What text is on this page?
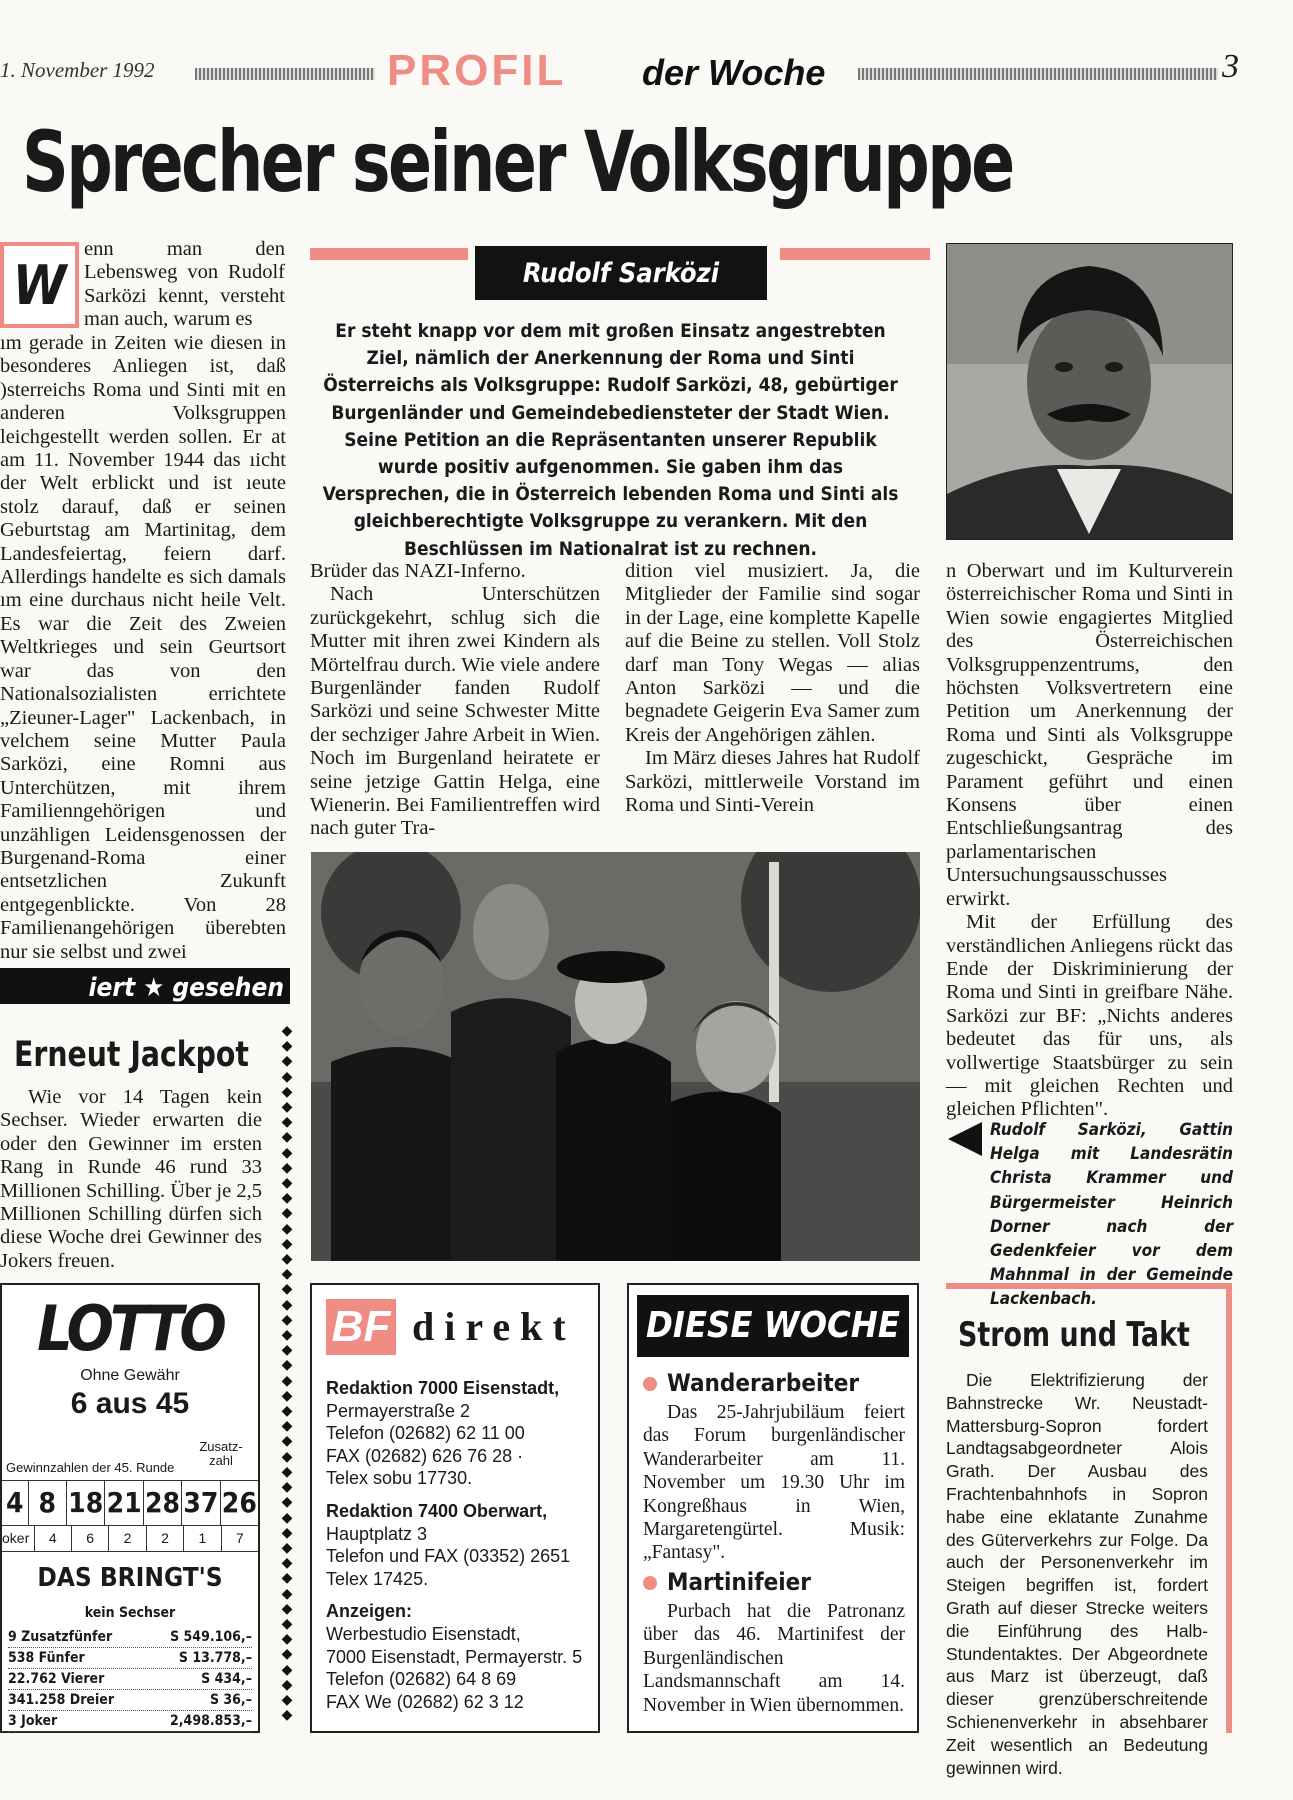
1. November 1992	PROFIL der Woche	3
Sprecher seiner Volksgruppe
Rudolf Sarközi
Er steht knapp vor dem mit großen Einsatz angestrebten Ziel, nämlich der Anerkennung der Roma und Sinti Österreichs als Volksgruppe: Rudolf Sarközi, 48, gebürtiger Burgenländer und Gemeindebediensteter der Stadt Wien. Seine Petition an die Repräsentanten unserer Republik wurde positiv aufgenommen. Sie gaben ihm das Versprechen, die in Österreich lebenden Roma und Sinti als gleichberechtigte Volksgruppe zu verankern. Mit den Beschlüssen im Nationalrat ist zu rechnen.
W
enn man den Lebensweg von Rudolf Sarközi kennt, versteht man auch, warum es
ım gerade in Zeiten wie diesen in besonderes Anliegen ist, daß )sterreichs Roma und Sinti mit en anderen Volksgruppen leichgestellt werden sollen. Er at am 11. November 1944 das ıicht der Welt erblickt und ist ıeute stolz darauf, daß er seinen Geburtstag am Martinitag, dem Landesfeiertag, feiern darf. Allerdings handelte es sich damals ım eine durchaus nicht heile Velt. Es war die Zeit des Zweien Weltkrieges und sein Geurtsort war das von den Nationalsozialisten errichtete „Zieuner-Lager" Lackenbach, in velchem seine Mutter Paula Sarközi, eine Romni aus Unterchützen, mit ihrem Familienngehörigen und unzähligen Leidensgenossen der Burgenand-Roma einer entsetzlichen Zukunft entgegenblickte. Von 28 Familienangehörigen überebten nur sie selbst und zwei

Brüder das NAZI-Inferno.
Nach Unterschützen zurückgekehrt, schlug sich die Mutter mit ihren zwei Kindern als Mörtelfrau durch. Wie viele andere Burgenländer fanden Rudolf Sarközi und seine Schwester Mitte der sechziger Jahre Arbeit in Wien. Noch im Burgenland heiratete er seine jetzige Gattin Helga, eine Wienerin. Bei Familientreffen wird nach guter Tra-

dition viel musiziert. Ja, die Mitglieder der Familie sind sogar in der Lage, eine komplette Kapelle auf die Beine zu stellen. Voll Stolz darf man Tony Wegas — alias Anton Sarközi — und die begnadete Geigerin Eva Samer zum Kreis der Angehörigen zählen.
Im März dieses Jahres hat Rudolf Sarközi, mittlerweile Vorstand im Roma und Sinti-Verein

n Oberwart und im Kulturverein österreichischer Roma und Sinti in Wien sowie engagiertes Mitglied des Österreichischen Volksgruppenzentrums, den höchsten Volksvertretern eine Petition um Anerkennung der Roma und Sinti als Volksgruppe zugeschickt, Gespräche im Parament geführt und einen Konsens über einen Entschließungsantrag des parlamentarischen Untersuchungsausschusses erwirkt.
Mit der Erfüllung des verständlichen Anliegens rückt das Ende der Diskriminierung der Roma und Sinti in greifbare Nähe. Sarközi zur BF: „Nichts anderes bedeutet das für uns, als vollwertige Staatsbürger zu sein — mit gleichen Rechten und gleichen Pflichten".

Rudolf Sarközi, Gattin Helga mit Landesrätin Christa Krammer und Bürgermeister Heinrich Dorner nach der Gedenkfeier vor dem Mahnmal in der Gemeinde Lackenbach.
iert ★ gesehen
Erneut Jackpot
Wie vor 14 Tagen kein Sechser. Wieder erwarten die oder den Gewinner im ersten Rang in Runde 46 rund 33 Millionen Schilling. Über je 2,5 Millionen Schilling dürfen sich diese Woche drei Gewinner des Jokers freuen.
◆
◆
◆
◆
◆
◆
◆
◆
◆
◆
◆
◆
◆
◆
◆
◆
◆
◆
◆
◆
◆
◆
◆
◆
◆
◆
◆
◆
◆
◆
◆
◆
◆
◆
◆
◆
◆
◆
◆
◆
◆
◆
◆
◆
◆
◆
LOTTO
Ohne Gewähr
6 aus 45
Zusatz-
zahl
Gewinnzahlen der 45. Runde
4 8 18 21 28 37 26
oker	4	6	2	2	1	7
DAS BRINGT'S
kein Sechser
9 Zusatzfünfer	S 549.106,–
538 Fünfer	S 13.778,–
22.762 Vierer	S 434,–
341.258 Dreier	S 36,–
3 Joker	2,498.853,–
BF direkt
Redaktion 7000 Eisenstadt,
Permayerstraße 2
Telefon (02682) 62 11 00
FAX (02682) 626 76 28 ·
Telex sobu 17730.
Redaktion 7400 Oberwart,
Hauptplatz 3
Telefon und FAX (03352) 2651
Telex 17425.
Anzeigen:
Werbestudio Eisenstadt,
7000 Eisenstadt, Permayerstr. 5
Telefon (02682) 64 8 69
FAX We (02682) 62 3 12
DIESE WOCHE
Wanderarbeiter
Das 25-Jahrjubiläum feiert das Forum burgenländischer Wanderarbeiter am 11. November um 19.30 Uhr im Kongreßhaus in Wien, Margaretengürtel. Musik: „Fantasy".
Martinifeier
Purbach hat die Patronanz über das 46. Martinifest der Burgenländischen Landsmannschaft am 14. November in Wien übernommen.
Strom und Takt
Die Elektrifizierung der Bahnstrecke Wr. Neustadt-Mattersburg-Sopron fordert Landtagsabgeordneter Alois Grath. Der Ausbau des Frachtenbahnhofs in Sopron habe eine eklatante Zunahme des Güterverkehrs zur Folge. Da auch der Personenverkehr im Steigen begriffen ist, fordert Grath auf dieser Strecke weiters die Einführung des Halb-Stundentaktes. Der Abgeordnete aus Marz ist überzeugt, daß dieser grenzüberschreitende Schienenverkehr in absehbarer Zeit wesentlich an Bedeutung gewinnen wird.
